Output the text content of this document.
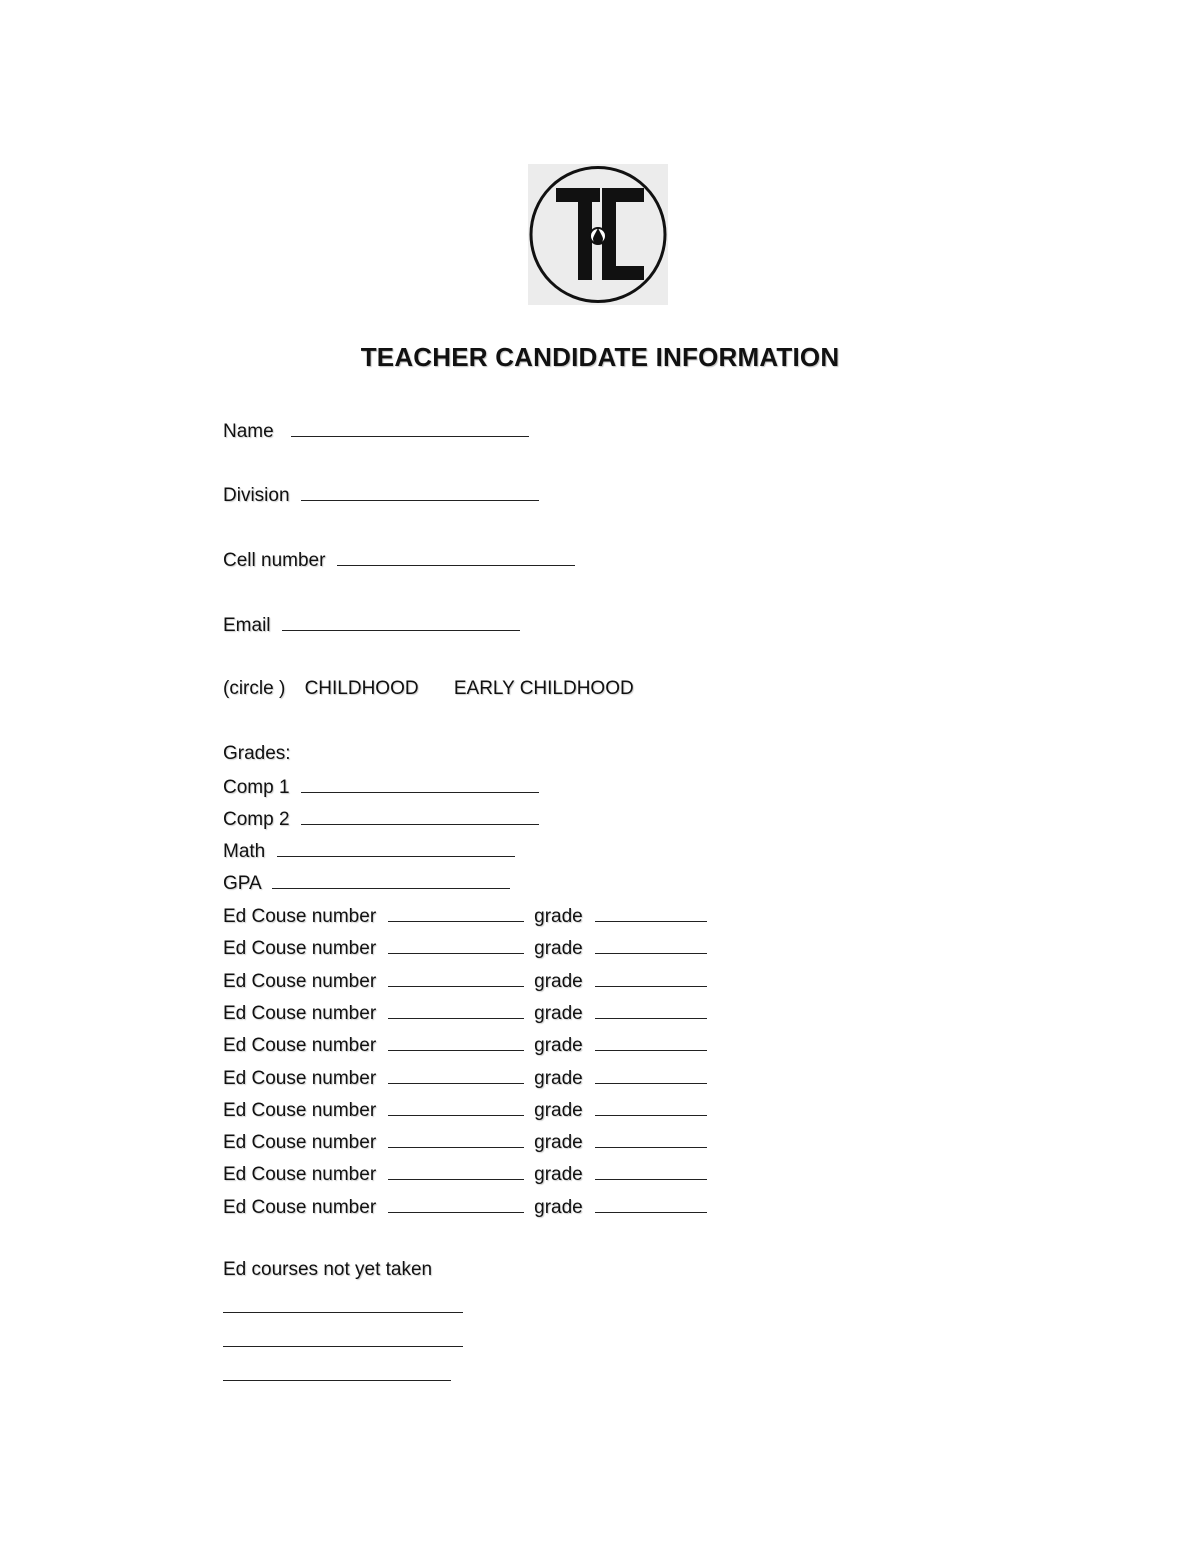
TEACHER CANDIDATE INFORMATION
Name
Division
Cell number
Email
(circle ) CHILDHOOD EARLY CHILDHOOD
Grades:
Comp 1
Comp 2
Math
GPA
Ed Couse number	grade
Ed Couse number	grade
Ed Couse number	grade
Ed Couse number	grade
Ed Couse number	grade
Ed Couse number	grade
Ed Couse number	grade
Ed Couse number	grade
Ed Couse number	grade
Ed Couse number	grade
Ed courses not yet taken
